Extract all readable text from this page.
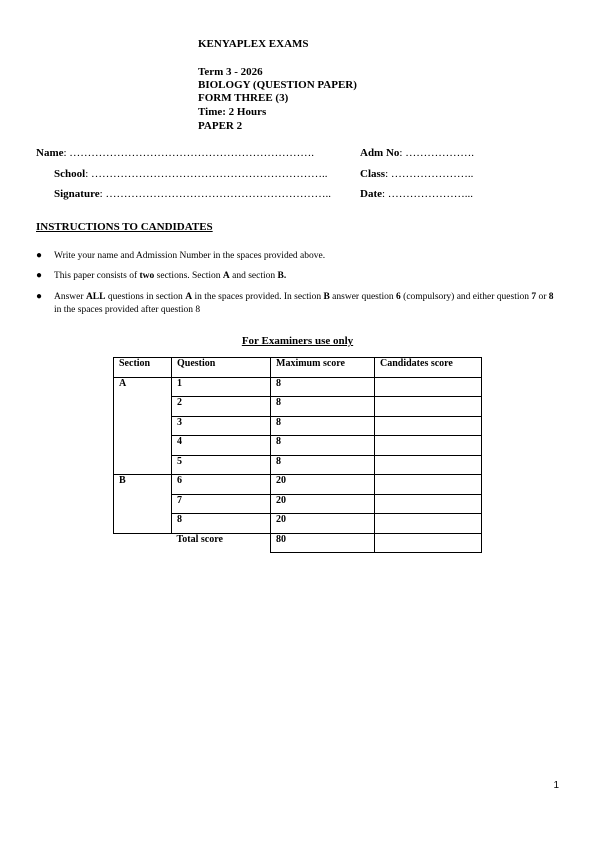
KENYAPLEX EXAMS
Term 3 - 2026
BIOLOGY (QUESTION PAPER)
FORM THREE (3)
Time: 2 Hours
PAPER 2
Name: ………………………………………………………….	Adm No: ……………….
School: ………………………………………………………..	Class: …………………..
Signature: ……………………………………………………..	Date: …………………...
INSTRUCTIONS TO CANDIDATES
● Write your name and Admission Number in the spaces provided above.
● This paper consists of two sections. Section A and section B.
● Answer ALL questions in section A in the spaces provided. In section B answer question 6 (compulsory) and either question 7 or 8 in the spaces provided after question 8
For Examiners use only
Section	Question	Maximum score	Candidates score
A	1	8	
	2	8	
	3	8	
	4	8	
	5	8	
B	6	20	
	7	20	
	8	20	
	Total score	80	
1
